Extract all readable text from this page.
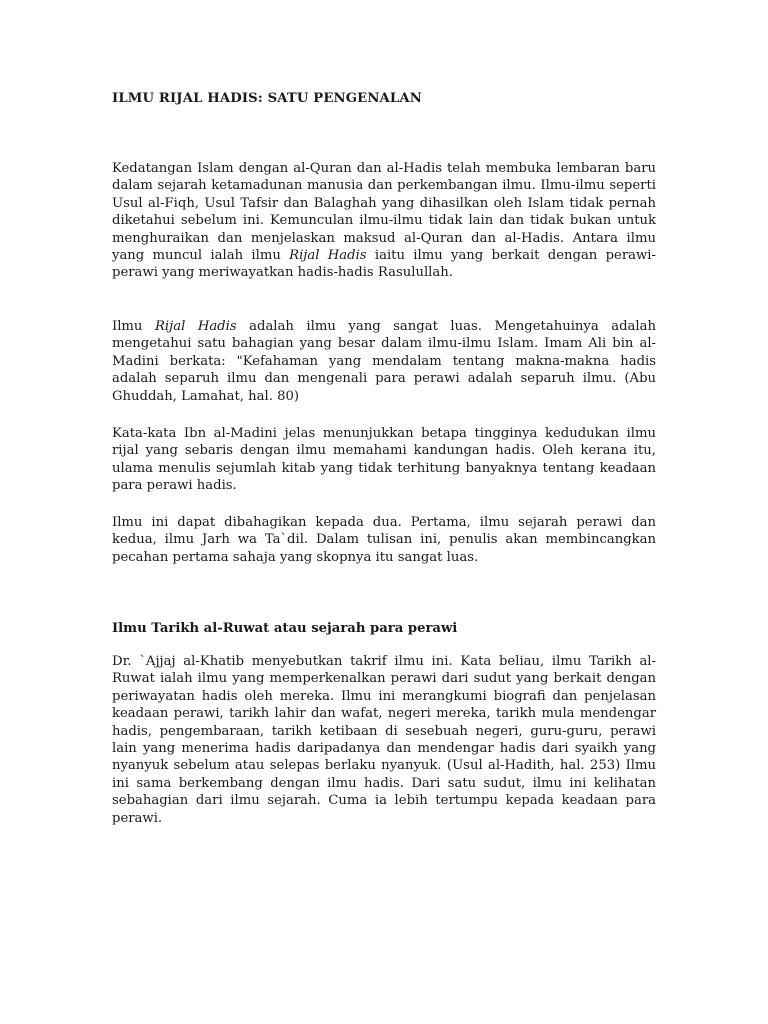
ILMU RIJAL HADIS: SATU PENGENALAN

Kedatangan Islam dengan al-Quran dan al-Hadis telah membuka lembaran baru dalam sejarah ketamadunan manusia dan perkembangan ilmu. Ilmu-ilmu seperti Usul al-Fiqh, Usul Tafsir dan Balaghah yang dihasilkan oleh Islam tidak pernah diketahui sebelum ini. Kemunculan ilmu-ilmu tidak lain dan tidak bukan untuk menghuraikan dan menjelaskan maksud al-Quran dan al-Hadis. Antara ilmu yang muncul ialah ilmu Rijal Hadis iaitu ilmu yang berkait dengan perawi-perawi yang meriwayatkan hadis-hadis Rasulullah.

Ilmu Rijal Hadis adalah ilmu yang sangat luas. Mengetahuinya adalah mengetahui satu bahagian yang besar dalam ilmu-ilmu Islam. Imam Ali bin al-Madini berkata: "Kefahaman yang mendalam tentang makna-makna hadis adalah separuh ilmu dan mengenali para perawi adalah separuh ilmu. (Abu Ghuddah, Lamahat, hal. 80)

Kata-kata Ibn al-Madini jelas menunjukkan betapa tingginya kedudukan ilmu rijal yang sebaris dengan ilmu memahami kandungan hadis. Oleh kerana itu, ulama menulis sejumlah kitab yang tidak terhitung banyaknya tentang keadaan para perawi hadis.

Ilmu ini dapat dibahagikan kepada dua. Pertama, ilmu sejarah perawi dan kedua, ilmu Jarh wa Ta`dil. Dalam tulisan ini, penulis akan membincangkan pecahan pertama sahaja yang skopnya itu sangat luas.

Ilmu Tarikh al-Ruwat atau sejarah para perawi

Dr. `Ajjaj al-Khatib menyebutkan takrif ilmu ini. Kata beliau, ilmu Tarikh al-Ruwat ialah ilmu yang memperkenalkan perawi dari sudut yang berkait dengan periwayatan hadis oleh mereka. Ilmu ini merangkumi biografi dan penjelasan keadaan perawi, tarikh lahir dan wafat, negeri mereka, tarikh mula mendengar hadis, pengembaraan, tarikh ketibaan di sesebuah negeri, guru-guru, perawi lain yang menerima hadis daripadanya dan mendengar hadis dari syaikh yang nyanyuk sebelum atau selepas berlaku nyanyuk. (Usul al-Hadith, hal. 253) Ilmu ini sama berkembang dengan ilmu hadis. Dari satu sudut, ilmu ini kelihatan sebahagian dari ilmu sejarah. Cuma ia lebih tertumpu kepada keadaan para perawi.
